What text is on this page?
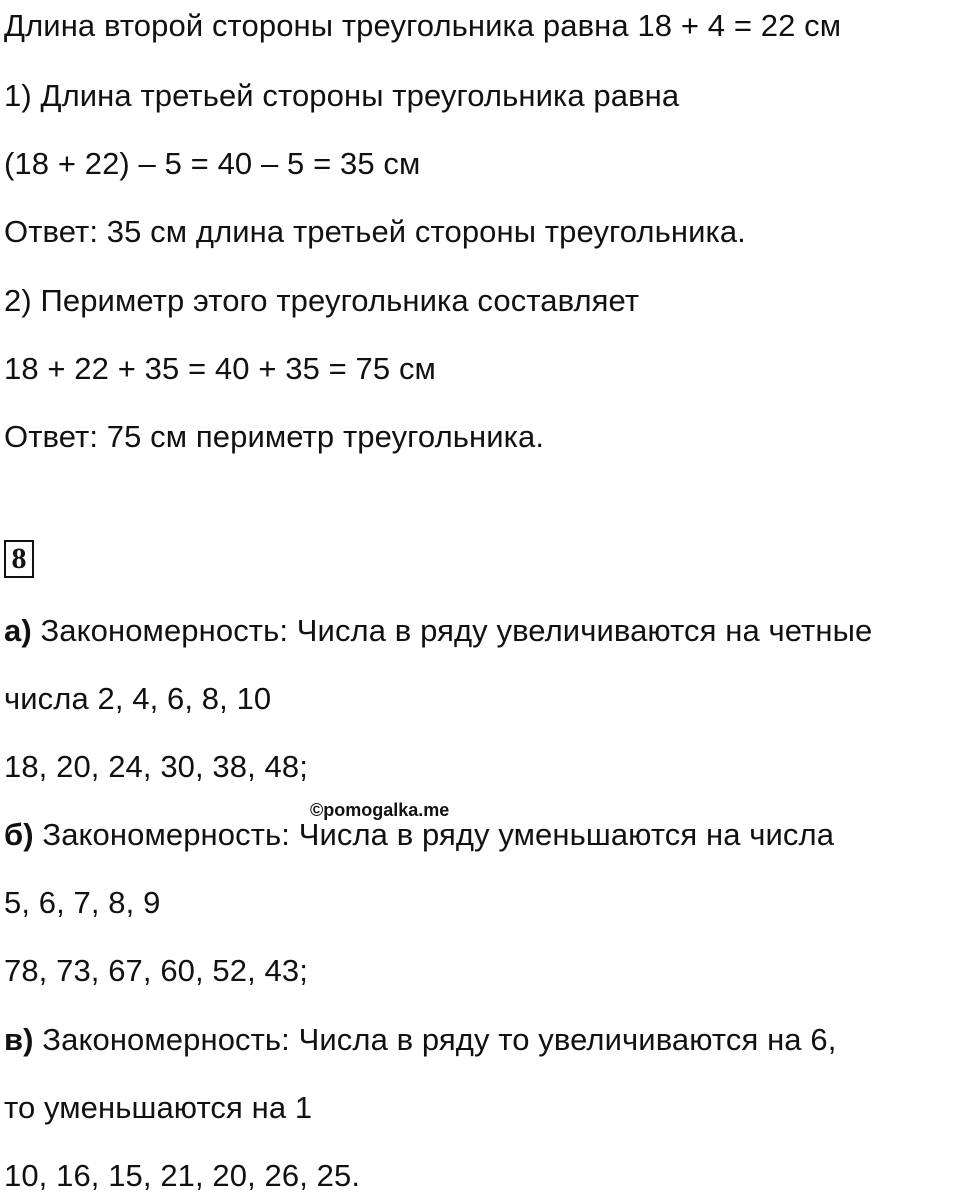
Длина второй стороны треугольника равна 18 + 4 = 22 см
1) Длина третьей стороны треугольника равна
(18 + 22) – 5 = 40 – 5 = 35 см
Ответ: 35 см длина третьей стороны треугольника.
2) Периметр этого треугольника составляет
18 + 22 + 35 = 40 + 35 = 75 см
Ответ: 75 см периметр треугольника.
8
а) Закономерность: Числа в ряду увеличиваются на четные
числа 2, 4, 6, 8, 10
18, 20, 24, 30, 38, 48;
©pomogalka.me
б) Закономерность: Числа в ряду уменьшаются на числа
5, 6, 7, 8, 9
78, 73, 67, 60, 52, 43;
в) Закономерность: Числа в ряду то увеличиваются на 6,
то уменьшаются на 1
10, 16, 15, 21, 20, 26, 25.
